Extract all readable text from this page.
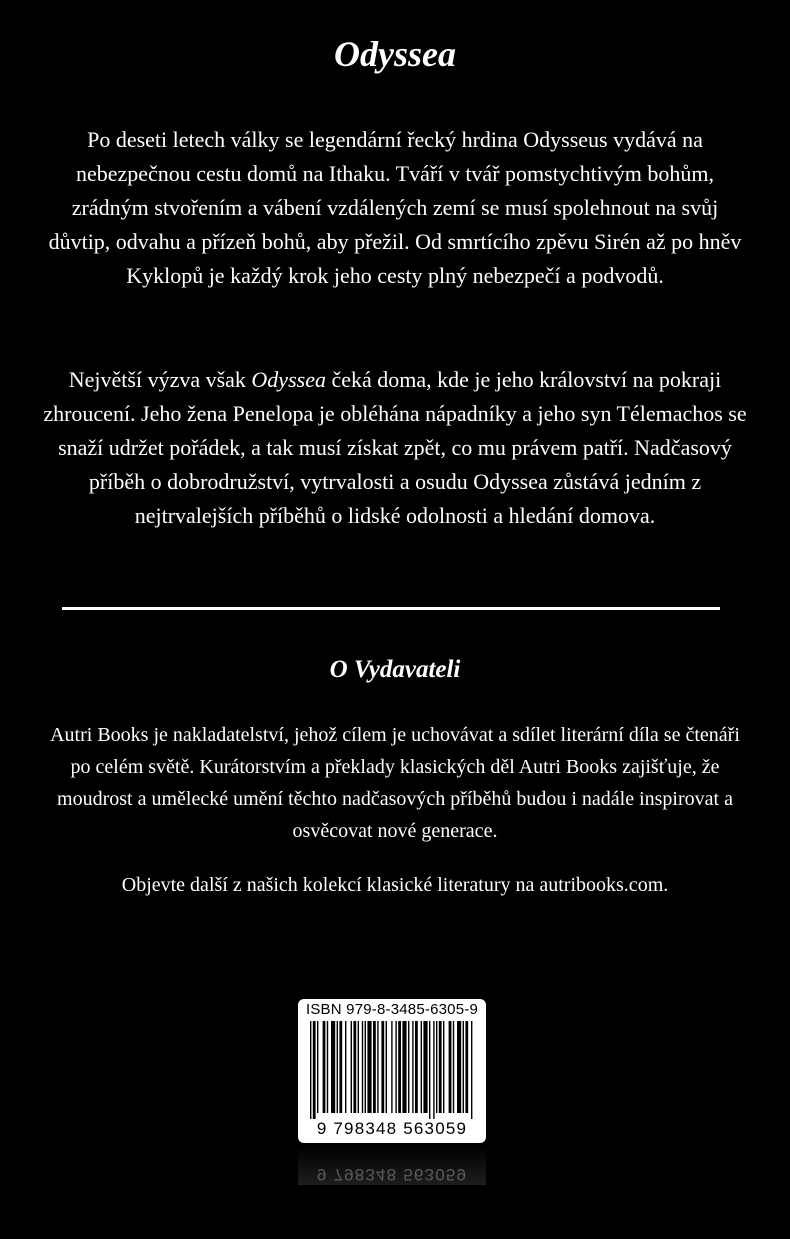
Odyssea

Po deseti letech války se legendární řecký hrdina Odysseus vydává na nebezpečnou cestu domů na Ithaku. Tváří v tvář pomstychtivým bohům, zrádným stvořením a vábení vzdálených zemí se musí spolehnout na svůj důvtip, odvahu a přízeň bohů, aby přežil. Od smrtícího zpěvu Sirén až po hněv Kyklopů je každý krok jeho cesty plný nebezpečí a podvodů.

Největší výzva však Odyssea čeká doma, kde je jeho království na pokraji zhroucení. Jeho žena Penelopa je obléhána nápadníky a jeho syn Télemachos se snaží udržet pořádek, a tak musí získat zpět, co mu právem patří. Nadčasový příběh o dobrodružství, vytrvalosti a osudu Odyssea zůstává jedním z nejtrvalejších příběhů o lidské odolnosti a hledání domova.

O Vydavateli

Autri Books je nakladatelství, jehož cílem je uchovávat a sdílet literární díla se čtenáři po celém světě. Kurátorstvím a překlady klasických děl Autri Books zajišťuje, že moudrost a umělecké umění těchto nadčasových příběhů budou i nadále inspirovat a osvěcovat nové generace.

Objevte další z našich kolekcí klasické literatury na autribooks.com.

ISBN 979-8-3485-6305-9
9 798348 563059
9 798348 563059
